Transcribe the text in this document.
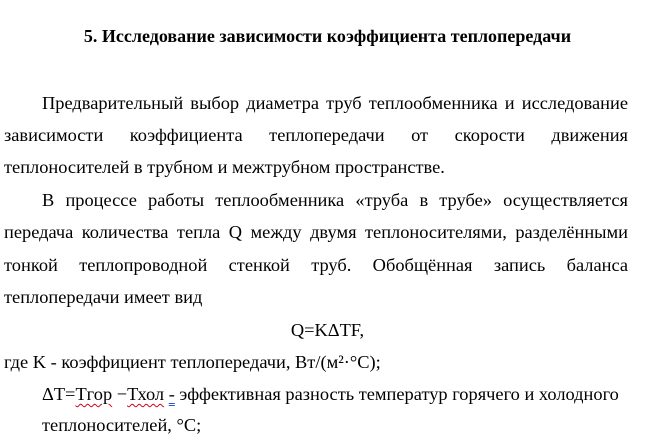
5. Исследование зависимости коэффициента теплопередачи
Предварительный выбор диаметра труб теплообменника и исследование
зависимости коэффициента теплопередачи от скорости движения
теплоносителей в трубном и межтрубном пространстве.
В процессе работы теплообменника «труба в трубе» осуществляется
передача количества тепла Q между двумя теплоносителями, разделёнными
тонкой теплопроводной стенкой труб. Обобщённая запись баланса
теплопередачи имеет вид
Q=KΔTF,
где K - коэффициент теплопередачи, Вт/(м²·°C);
ΔT=Тгор −Тхол - эффективная разность температур горячего и холодного
теплоносителей, °C;
